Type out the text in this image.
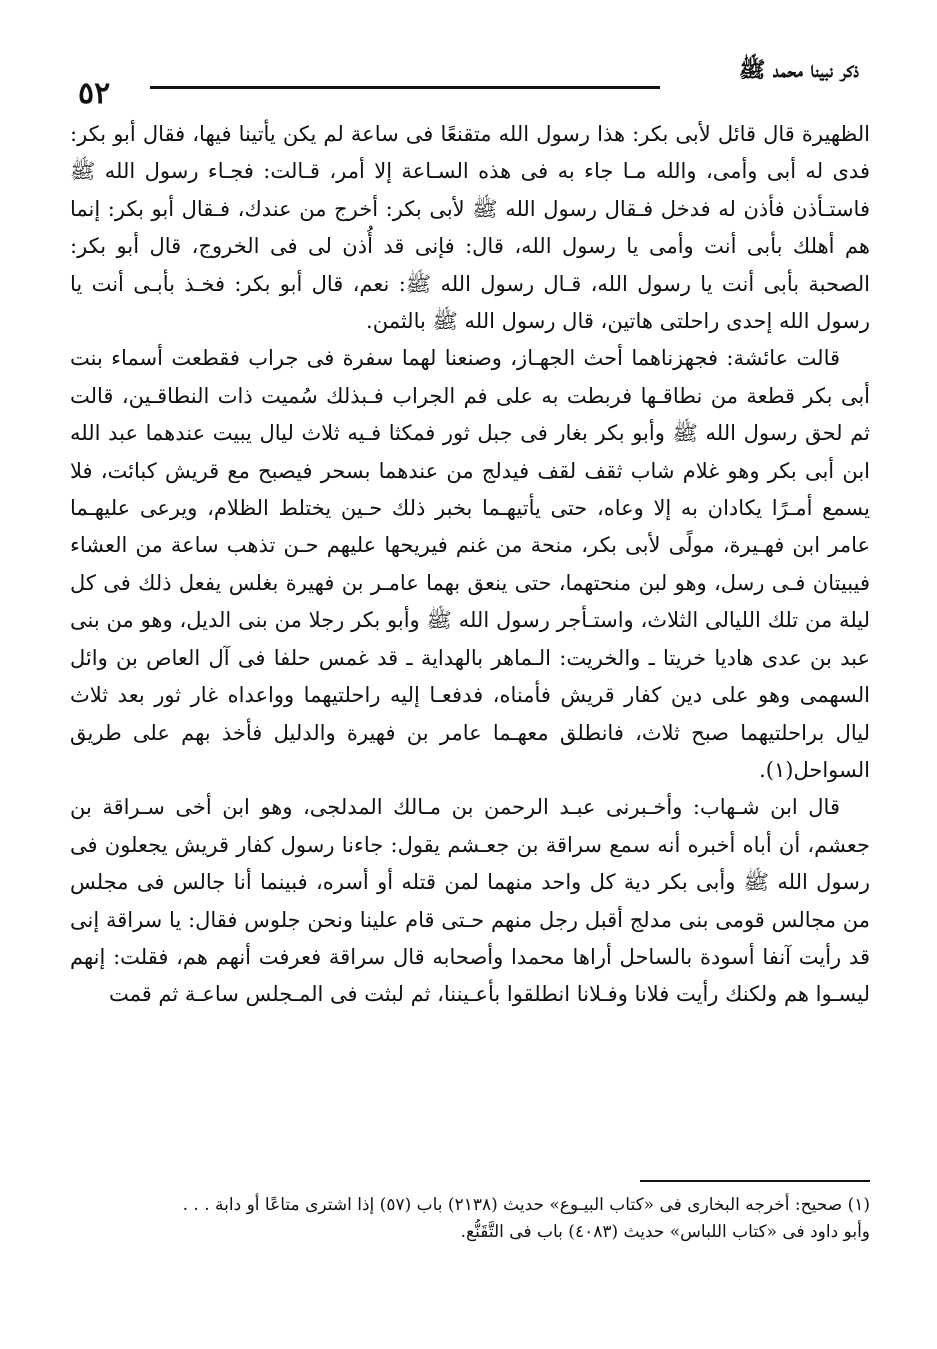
٥٢
ذكر نبينا محمد ﷺ

الظهيرة قال قائل لأبى بكر: هذا رسول الله متقنعًا فى ساعة لم يكن يأتينا فيها، فقال أبو بكر: فدى له أبى وأمى، والله مـا جاء به فى هذه السـاعة إلا أمر، قـالت: فجـاء رسول الله ﷺ فاستـأذن فأذن له فدخل فـقال رسول الله ﷺ لأبى بكر: أخرج من عندك، فـقال أبو بكر: إنما هم أهلك بأبى أنت وأمى يا رسول الله، قال: فإنى قد أُذن لى فى الخروج، قال أبو بكر: الصحبة بأبى أنت يا رسول الله، قـال رسول الله ﷺ: نعم، قال أبو بكر: فخـذ بأبـى أنت يا رسول الله إحدى راحلتى هاتين، قال رسول الله ﷺ بالثمن.

قالت عائشة: فجهزناهما أحث الجهـاز، وصنعنا لهما سفرة فى جراب فقطعت أسماء بنت أبى بكر قطعة من نطاقـها فربطت به على فم الجراب فـبذلك سُميت ذات النطاقـين، قالت ثم لحق رسول الله ﷺ وأبو بكر بغار فى جبل ثور فمكثا فـيه ثلاث ليال يبيت عندهما عبد الله ابن أبى بكر وهو غلام شاب ثقف لقف فيدلج من عندهما بسحر فيصبح مع قريش كبائت، فلا يسمع أمـرًا يكادان به إلا وعاه، حتى يأتيهـما بخبر ذلك حـين يختلط الظلام، ويرعى عليهـما عامر ابن فهـيرة، مولًى لأبى بكر، منحة من غنم فيريحها عليهم حـن تذهب ساعة من العشاء فيبيتان فـى رسل، وهو لبن منحتهما، حتى ينعق بهما عامـر بن فهيرة بغلس يفعل ذلك فى كل ليلة من تلك الليالى الثلاث، واستـأجر رسول الله ﷺ وأبو بكر رجلا من بنى الديل، وهو من بنى عبد بن عدى هاديا خريتا ـ والخريت: الـماهر بالهداية ـ قد غمس حلفا فى آل العاص بن وائل السهمى وهو على دين كفار قريش فأمناه، فدفعـا إليه راحلتيهما وواعداه غار ثور بعد ثلاث ليال براحلتيهما صبح ثلاث، فانطلق معهـما عامر بن فهيرة والدليل فأخذ بهم على طريق السواحل(١).

قال ابن شـهاب: وأخـبرنى عبـد الرحمن بن مـالك المدلجى، وهو ابن أخى سـراقة بن جعشم، أن أباه أخبره أنه سمع سراقة بن جعـشم يقول: جاءنا رسول كفار قريش يجعلون فى رسول الله ﷺ وأبى بكر دية كل واحد منهما لمن قتله أو أسره، فبينما أنا جالس فى مجلس من مجالس قومى بنى مدلج أقبل رجل منهم حـتى قام علينا ونحن جلوس فقال: يا سراقة إنى قد رأيت آنفا أسودة بالساحل أراها محمدا وأصحابه قال سراقة فعرفت أنهم هم، فقلت: إنهم ليسـوا هم ولكنك رأيت فلانا وفـلانا انطلقوا بأعـيننا، ثم لبثت فى المـجلس ساعـة ثم قمت

(١) صحيح: أخرجه البخارى فى «كتاب البيـوع» حديث (٢١٣٨) باب (٥٧) إذا اشترى متاعًا أو دابة . . .

وأبو داود فى «كتاب اللباس» حديث (٤٠٨٣) باب فى التَّقَنُّع.
